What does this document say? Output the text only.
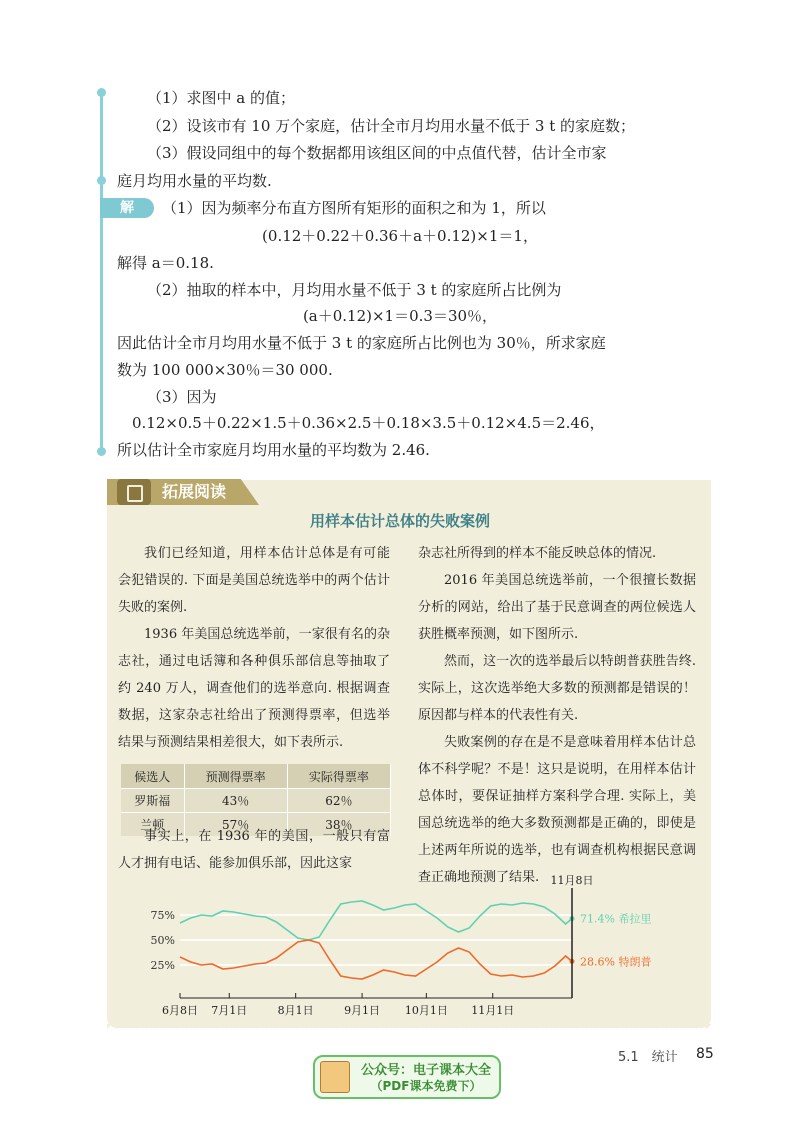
（1）求图中 a 的值；
（2）设该市有 10 万个家庭，估计全市月均用水量不低于 3 t 的家庭数；
（3）假设同组中的每个数据都用该组区间的中点值代替，估计全市家
庭月均用水量的平均数.
解	（1）因为频率分布直方图所有矩形的面积之和为 1，所以
(0.12＋0.22＋0.36＋a＋0.12)×1＝1，
解得 a＝0.18.
（2）抽取的样本中，月均用水量不低于 3 t 的家庭所占比例为
(a＋0.12)×1＝0.3＝30％，
因此估计全市月均用水量不低于 3 t 的家庭所占比例也为 30％，所求家庭
数为 100 000×30％＝30 000.
（3）因为
0.12×0.5＋0.22×1.5＋0.36×2.5＋0.18×3.5＋0.12×4.5＝2.46，
所以估计全市家庭月均用水量的平均数为 2.46.
拓展阅读
用样本估计总体的失败案例

我们已经知道，用样本估计总体是有可能会犯错误的. 下面是美国总统选举中的两个估计失败的案例.

1936 年美国总统选举前，一家很有名的杂志社，通过电话簿和各种俱乐部信息等抽取了约 240 万人，调查他们的选举意向. 根据调查数据，这家杂志社给出了预测得票率，但选举结果与预测结果相差很大，如下表所示.

候选人	预测得票率	实际得票率
罗斯福	43％	62％
兰顿	57％	38％

事实上，在 1936 年的美国，一般只有富人才拥有电话、能参加俱乐部，因此这家

杂志社所得到的样本不能反映总体的情况.

2016 年美国总统选举前，一个很擅长数据分析的网站，给出了基于民意调查的两位候选人获胜概率预测，如下图所示.

然而，这一次的选举最后以特朗普获胜告终. 实际上，这次选举绝大多数的预测都是错误的！原因都与样本的代表性有关.

失败案例的存在是不是意味着用样本估计总体不科学呢？不是！这只是说明，在用样本估计总体时，要保证抽样方案科学合理. 实际上，美国总统选举的绝大多数预测都是正确的，即使是上述两年所说的选举，也有调查机构根据民意调查正确地预测了结果.

75%
50%
25%
71.4% 希拉里
28.6% 特朗普
6月8日 7月1日	8月1日	9月1日 10月1日 11月1日
11月8日
5.1　统计 85
公众号：电子课本大全
（PDF课本免费下）
